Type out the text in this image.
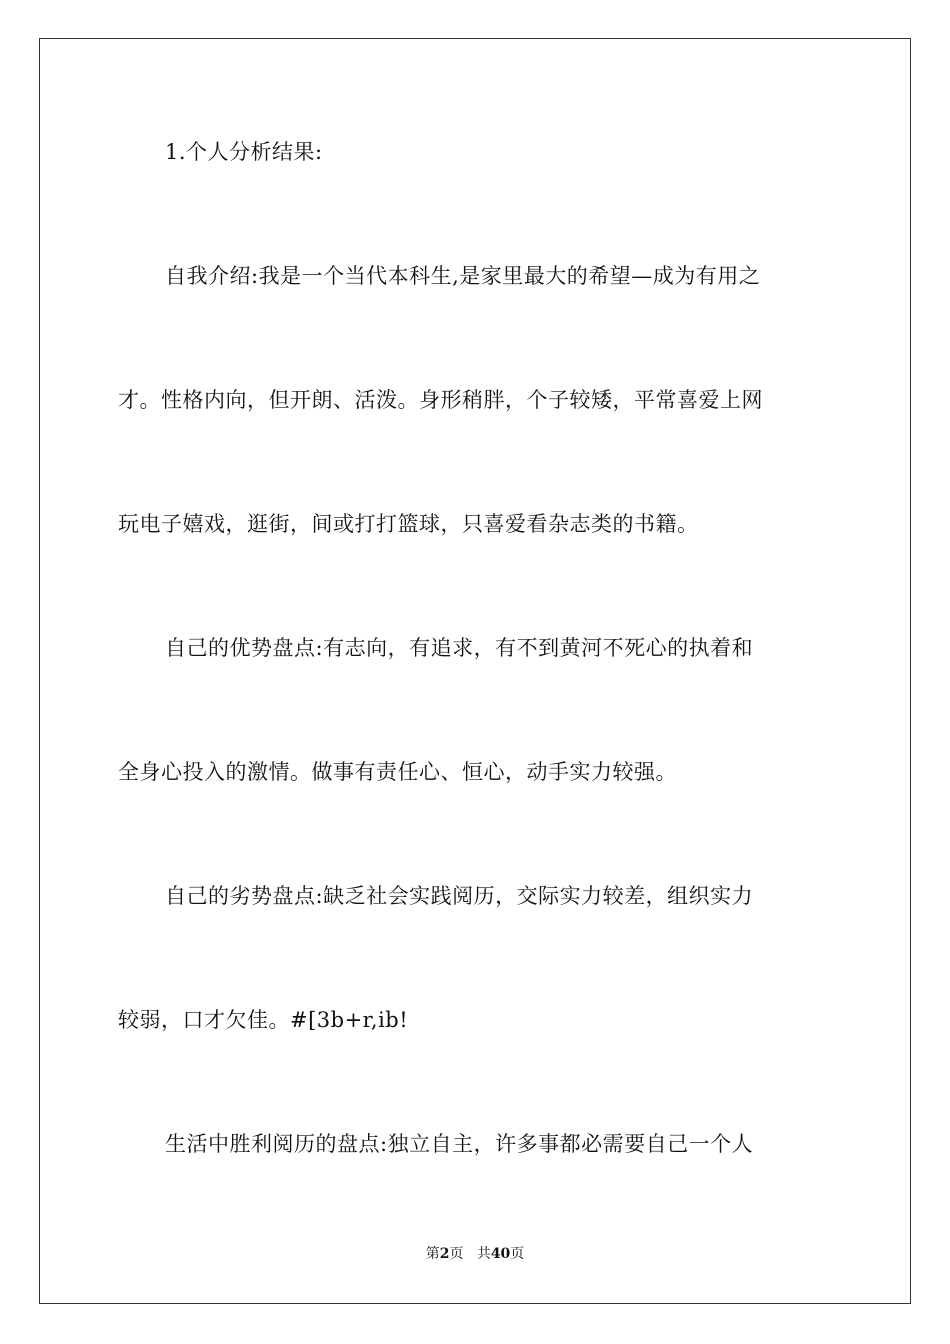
1.个人分析结果:
自我介绍:我是一个当代本科生,是家里最大的希望—成为有用之
才。性格内向，但开朗、活泼。身形稍胖，个子较矮，平常喜爱上网
玩电子嬉戏，逛街，间或打打篮球，只喜爱看杂志类的书籍。
自己的优势盘点:有志向，有追求，有不到黄河不死心的执着和
全身心投入的激情。做事有责任心、恒心，动手实力较强。
自己的劣势盘点:缺乏社会实践阅历，交际实力较差，组织实力
较弱，口才欠佳。#[3b+r,ib!
生活中胜利阅历的盘点:独立自主，许多事都必需要自己一个人
第2页 共40页
